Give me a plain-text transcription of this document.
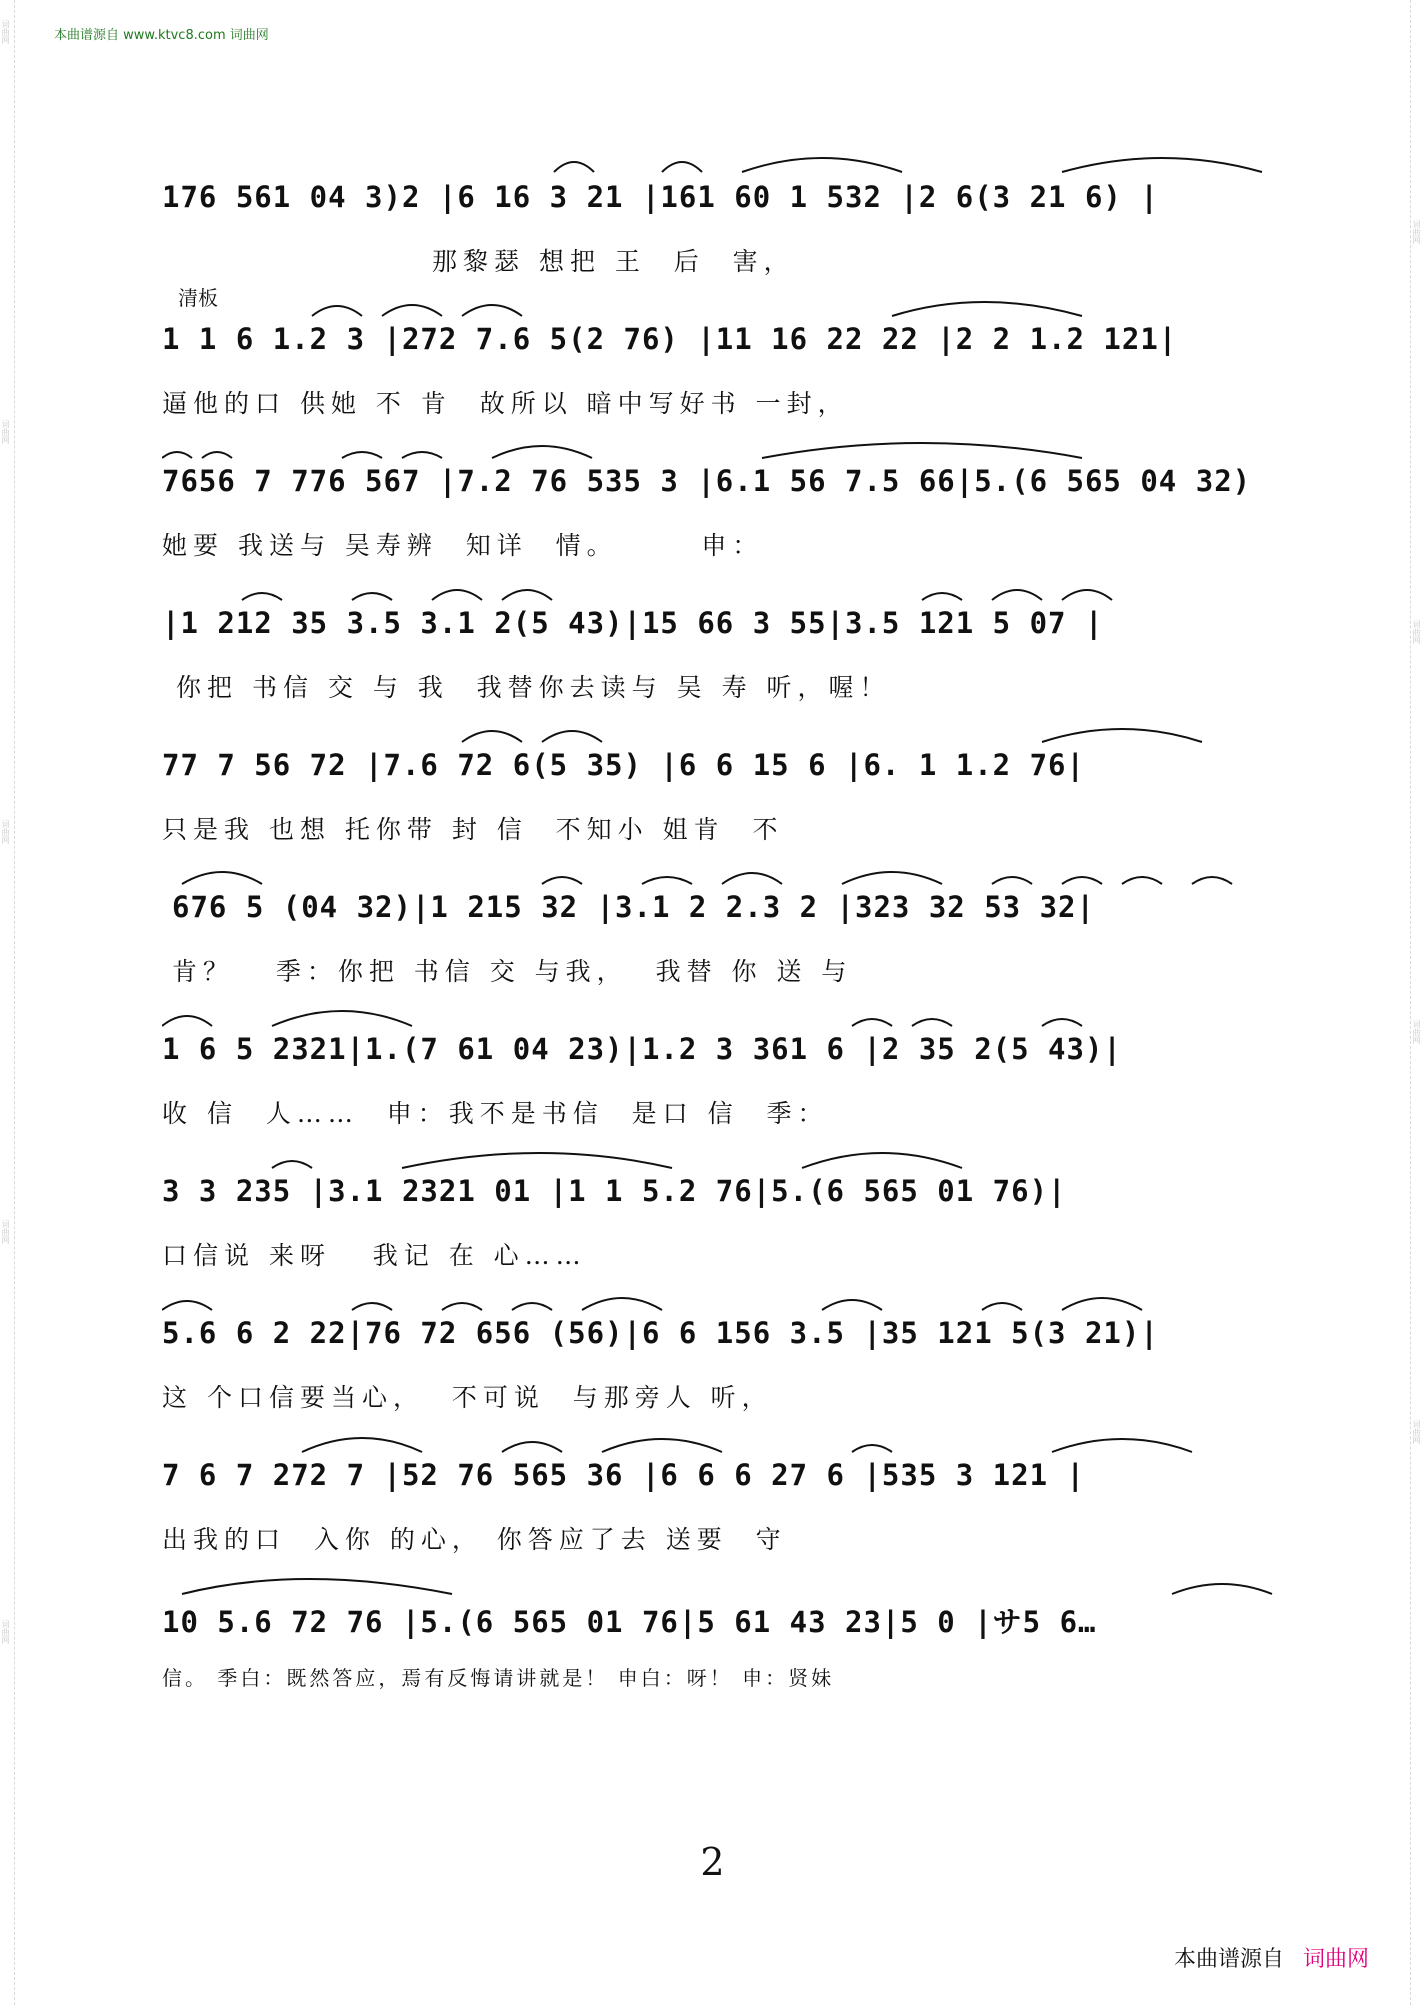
词曲网
词曲网
词曲网
词曲网
词曲网
词曲网
词曲网
词曲网
词曲网
本曲谱源自 www.ktvc8.com 词曲网
176 561 04 3)2 |6 16 3 21 |161 60 1 532 |2 6(3 21 6) |
那黎瑟 想把 王  后  害，
清板
1 1 6 1.2 3 |272 7.6 5(2 76) |11 16 22 22 |2 2 1.2 121|
逼他的口 供她 不 肯  故所以 暗中写好书 一封，
7656 7 776 567 |7.2 76 535 3 |6.1 56 7.5 66|5.(6 565 04 32)
她要 我送与 吴寿辨  知详  情。      申：
|1 212 35 3.5 3.1 2(5 43)|15 66 3 55|3.5 121 5 07 |
你把 书信 交 与 我  我替你去读与 吴 寿 听，喔！
77 7 56 72 |7.6 72 6(5 35) |6 6 15 6 |6. 1 1.2 76|
只是我 也想 托你带 封 信  不知小 姐肯  不
676 5 (04 32)|1 215 32 |3.1 2 2.3 2 |323 32 53 32|
肯？   季：你把 书信 交 与我，  我替 你 送 与
1 6 5 2321|1.(7 61 04 23)|1.2 3 361 6 |2 35 2(5 43)|
收 信  人……  申：我不是书信  是口 信  季：
3 3 235 |3.1 2321 01 |1 1 5.2 76|5.(6 565 01 76)|
口信说 来呀   我记 在 心……
5.6 6 2 22|76 72 656 (56)|6 6 156 3.5 |35 121 5(3 21)|
这 个口信要当心，  不可说  与那旁人 听，
7 6 7 272 7 |52 76 565 36 |6 6 6 27 6 |535 3 121 |
出我的口  入你 的心， 你答应了去 送要  守
10 5.6 72 76 |5.(6 565 01 76|5 61 43 23|5 0 |サ5 6…
信。 季白：既然答应，焉有反悔请讲就是！ 申白：呀！ 申：贤妹
2
本曲谱源自 词曲网
